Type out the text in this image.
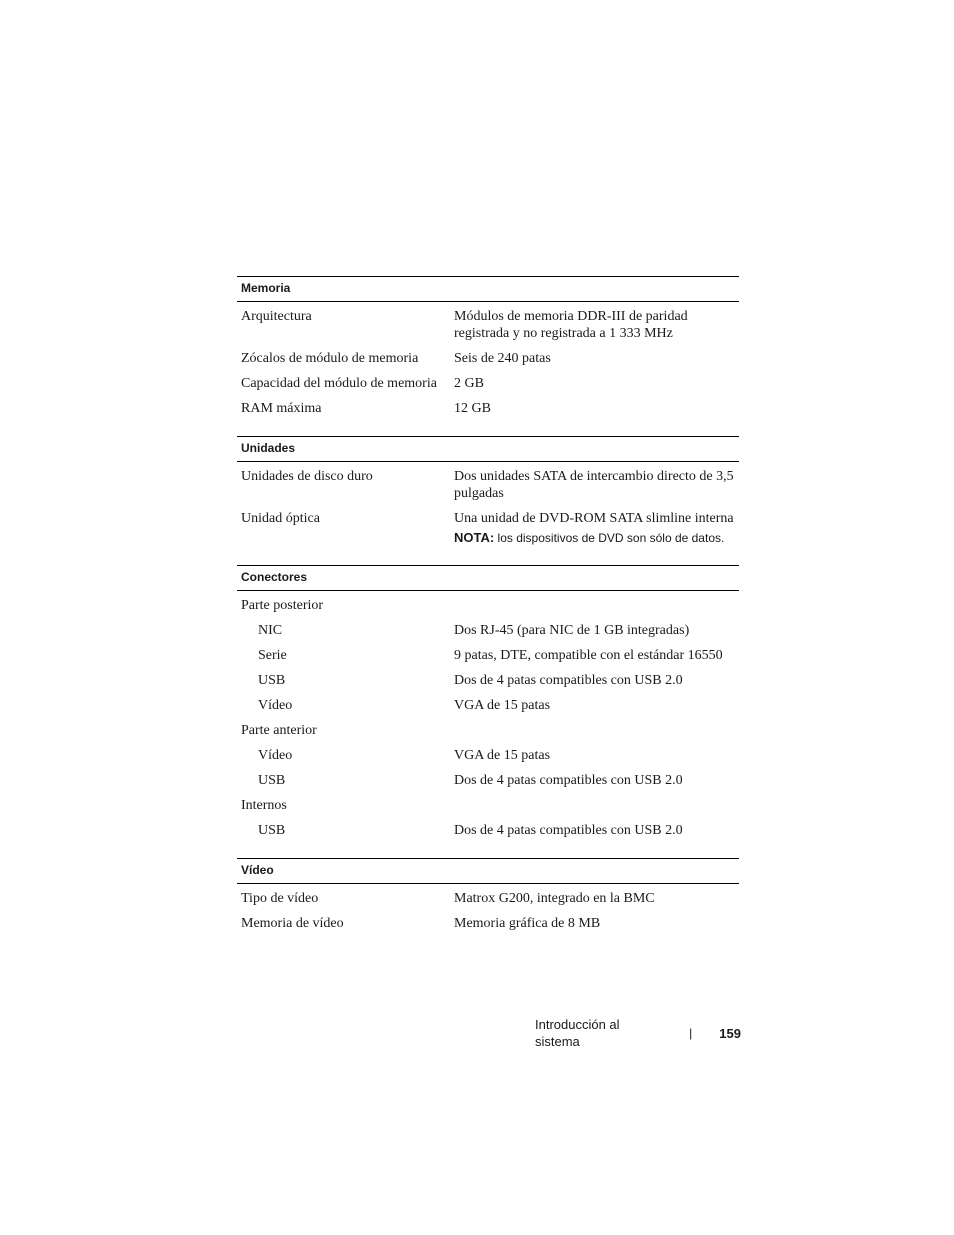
Memoria
Arquitectura	Módulos de memoria DDR-III de paridad registrada y no registrada a 1 333 MHz
Zócalos de módulo de memoria	Seis de 240 patas
Capacidad del módulo de memoria	2 GB
RAM máxima	12 GB
Unidades
Unidades de disco duro	Dos unidades SATA de intercambio directo de 3,5 pulgadas
Unidad óptica	Una unidad de DVD-ROM SATA slimline interna
NOTA: los dispositivos de DVD son sólo de datos.
Conectores
Parte posterior
NIC	Dos RJ-45 (para NIC de 1 GB integradas)
Serie	9 patas, DTE, compatible con el estándar 16550
USB	Dos de 4 patas compatibles con USB 2.0
Vídeo	VGA de 15 patas
Parte anterior
Vídeo	VGA de 15 patas
USB	Dos de 4 patas compatibles con USB 2.0
Internos
USB	Dos de 4 patas compatibles con USB 2.0
Vídeo
Tipo de vídeo	Matrox G200, integrado en la BMC
Memoria de vídeo	Memoria gráfica de 8 MB
Introducción al sistema
| 159
